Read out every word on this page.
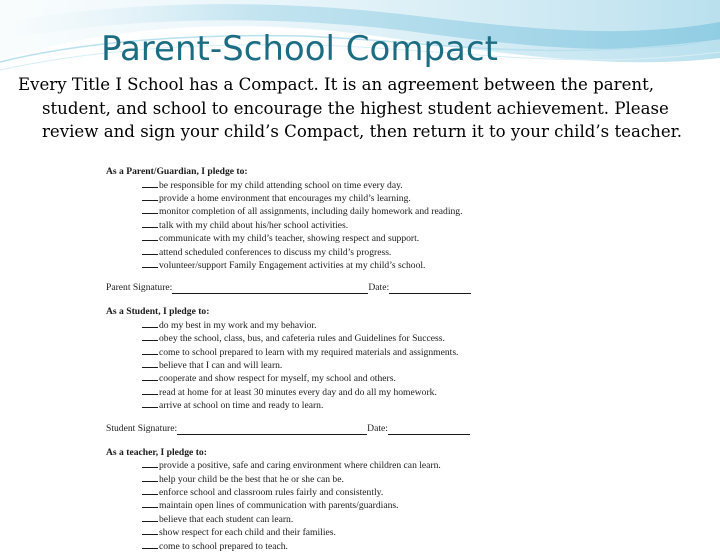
Parent-School Compact

Every Title I School has a Compact. It is an agreement between the parent, student, and school to encourage the highest student achievement. Please review and sign your child’s Compact, then return it to your child’s teacher.

As a Parent/Guardian, I pledge to:
be responsible for my child attending school on time every day.
provide a home environment that encourages my child’s learning.
monitor completion of all assignments, including daily homework and reading.
talk with my child about his/her school activities.
communicate with my child’s teacher, showing respect and support.
attend scheduled conferences to discuss my child’s progress.
volunteer/support Family Engagement activities at my child’s school.
Parent Signature:	Date:
As a Student, I pledge to:
do my best in my work and my behavior.
obey the school, class, bus, and cafeteria rules and Guidelines for Success.
come to school prepared to learn with my required materials and assignments.
believe that I can and will learn.
cooperate and show respect for myself, my school and others.
read at home for at least 30 minutes every day and do all my homework.
arrive at school on time and ready to learn.
Student Signature:	Date:
As a teacher, I pledge to:
provide a positive, safe and caring environment where children can learn.
help your child be the best that he or she can be.
enforce school and classroom rules fairly and consistently.
maintain open lines of communication with parents/guardians.
believe that each student can learn.
show respect for each child and their families.
come to school prepared to teach.
